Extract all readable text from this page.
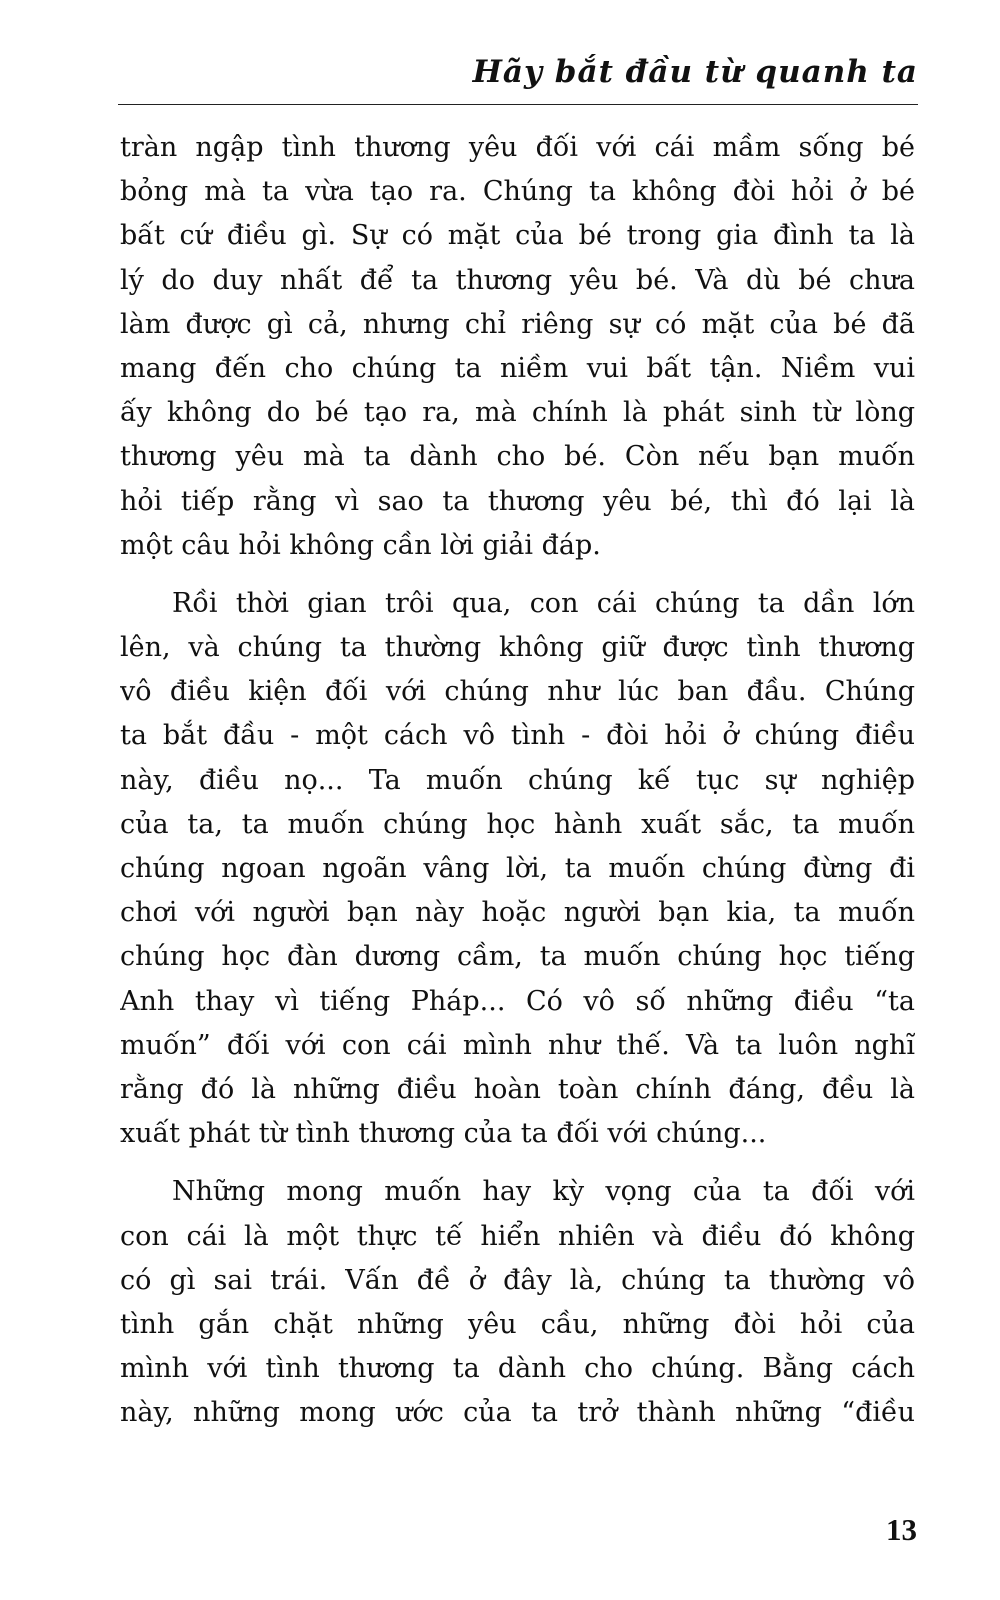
Hãy bắt đầu từ quanh ta

tràn ngập tình thương yêu đối với cái mầm sống bé
bỏng mà ta vừa tạo ra. Chúng ta không đòi hỏi ở bé
bất cứ điều gì. Sự có mặt của bé trong gia đình ta là
lý do duy nhất để ta thương yêu bé. Và dù bé chưa
làm được gì cả, nhưng chỉ riêng sự có mặt của bé đã
mang đến cho chúng ta niềm vui bất tận. Niềm vui
ấy không do bé tạo ra, mà chính là phát sinh từ lòng
thương yêu mà ta dành cho bé. Còn nếu bạn muốn
hỏi tiếp rằng vì sao ta thương yêu bé, thì đó lại là
một câu hỏi không cần lời giải đáp.

Rồi thời gian trôi qua, con cái chúng ta dần lớn
lên, và chúng ta thường không giữ được tình thương
vô điều kiện đối với chúng như lúc ban đầu. Chúng
ta bắt đầu - một cách vô tình - đòi hỏi ở chúng điều
này, điều nọ... Ta muốn chúng kế tục sự nghiệp
của ta, ta muốn chúng học hành xuất sắc, ta muốn
chúng ngoan ngoãn vâng lời, ta muốn chúng đừng đi
chơi với người bạn này hoặc người bạn kia, ta muốn
chúng học đàn dương cầm, ta muốn chúng học tiếng
Anh thay vì tiếng Pháp... Có vô số những điều “ta
muốn” đối với con cái mình như thế. Và ta luôn nghĩ
rằng đó là những điều hoàn toàn chính đáng, đều là
xuất phát từ tình thương của ta đối với chúng...

Những mong muốn hay kỳ vọng của ta đối với
con cái là một thực tế hiển nhiên và điều đó không
có gì sai trái. Vấn đề ở đây là, chúng ta thường vô
tình gắn chặt những yêu cầu, những đòi hỏi của
mình với tình thương ta dành cho chúng. Bằng cách
này, những mong ước của ta trở thành những “điều

13
